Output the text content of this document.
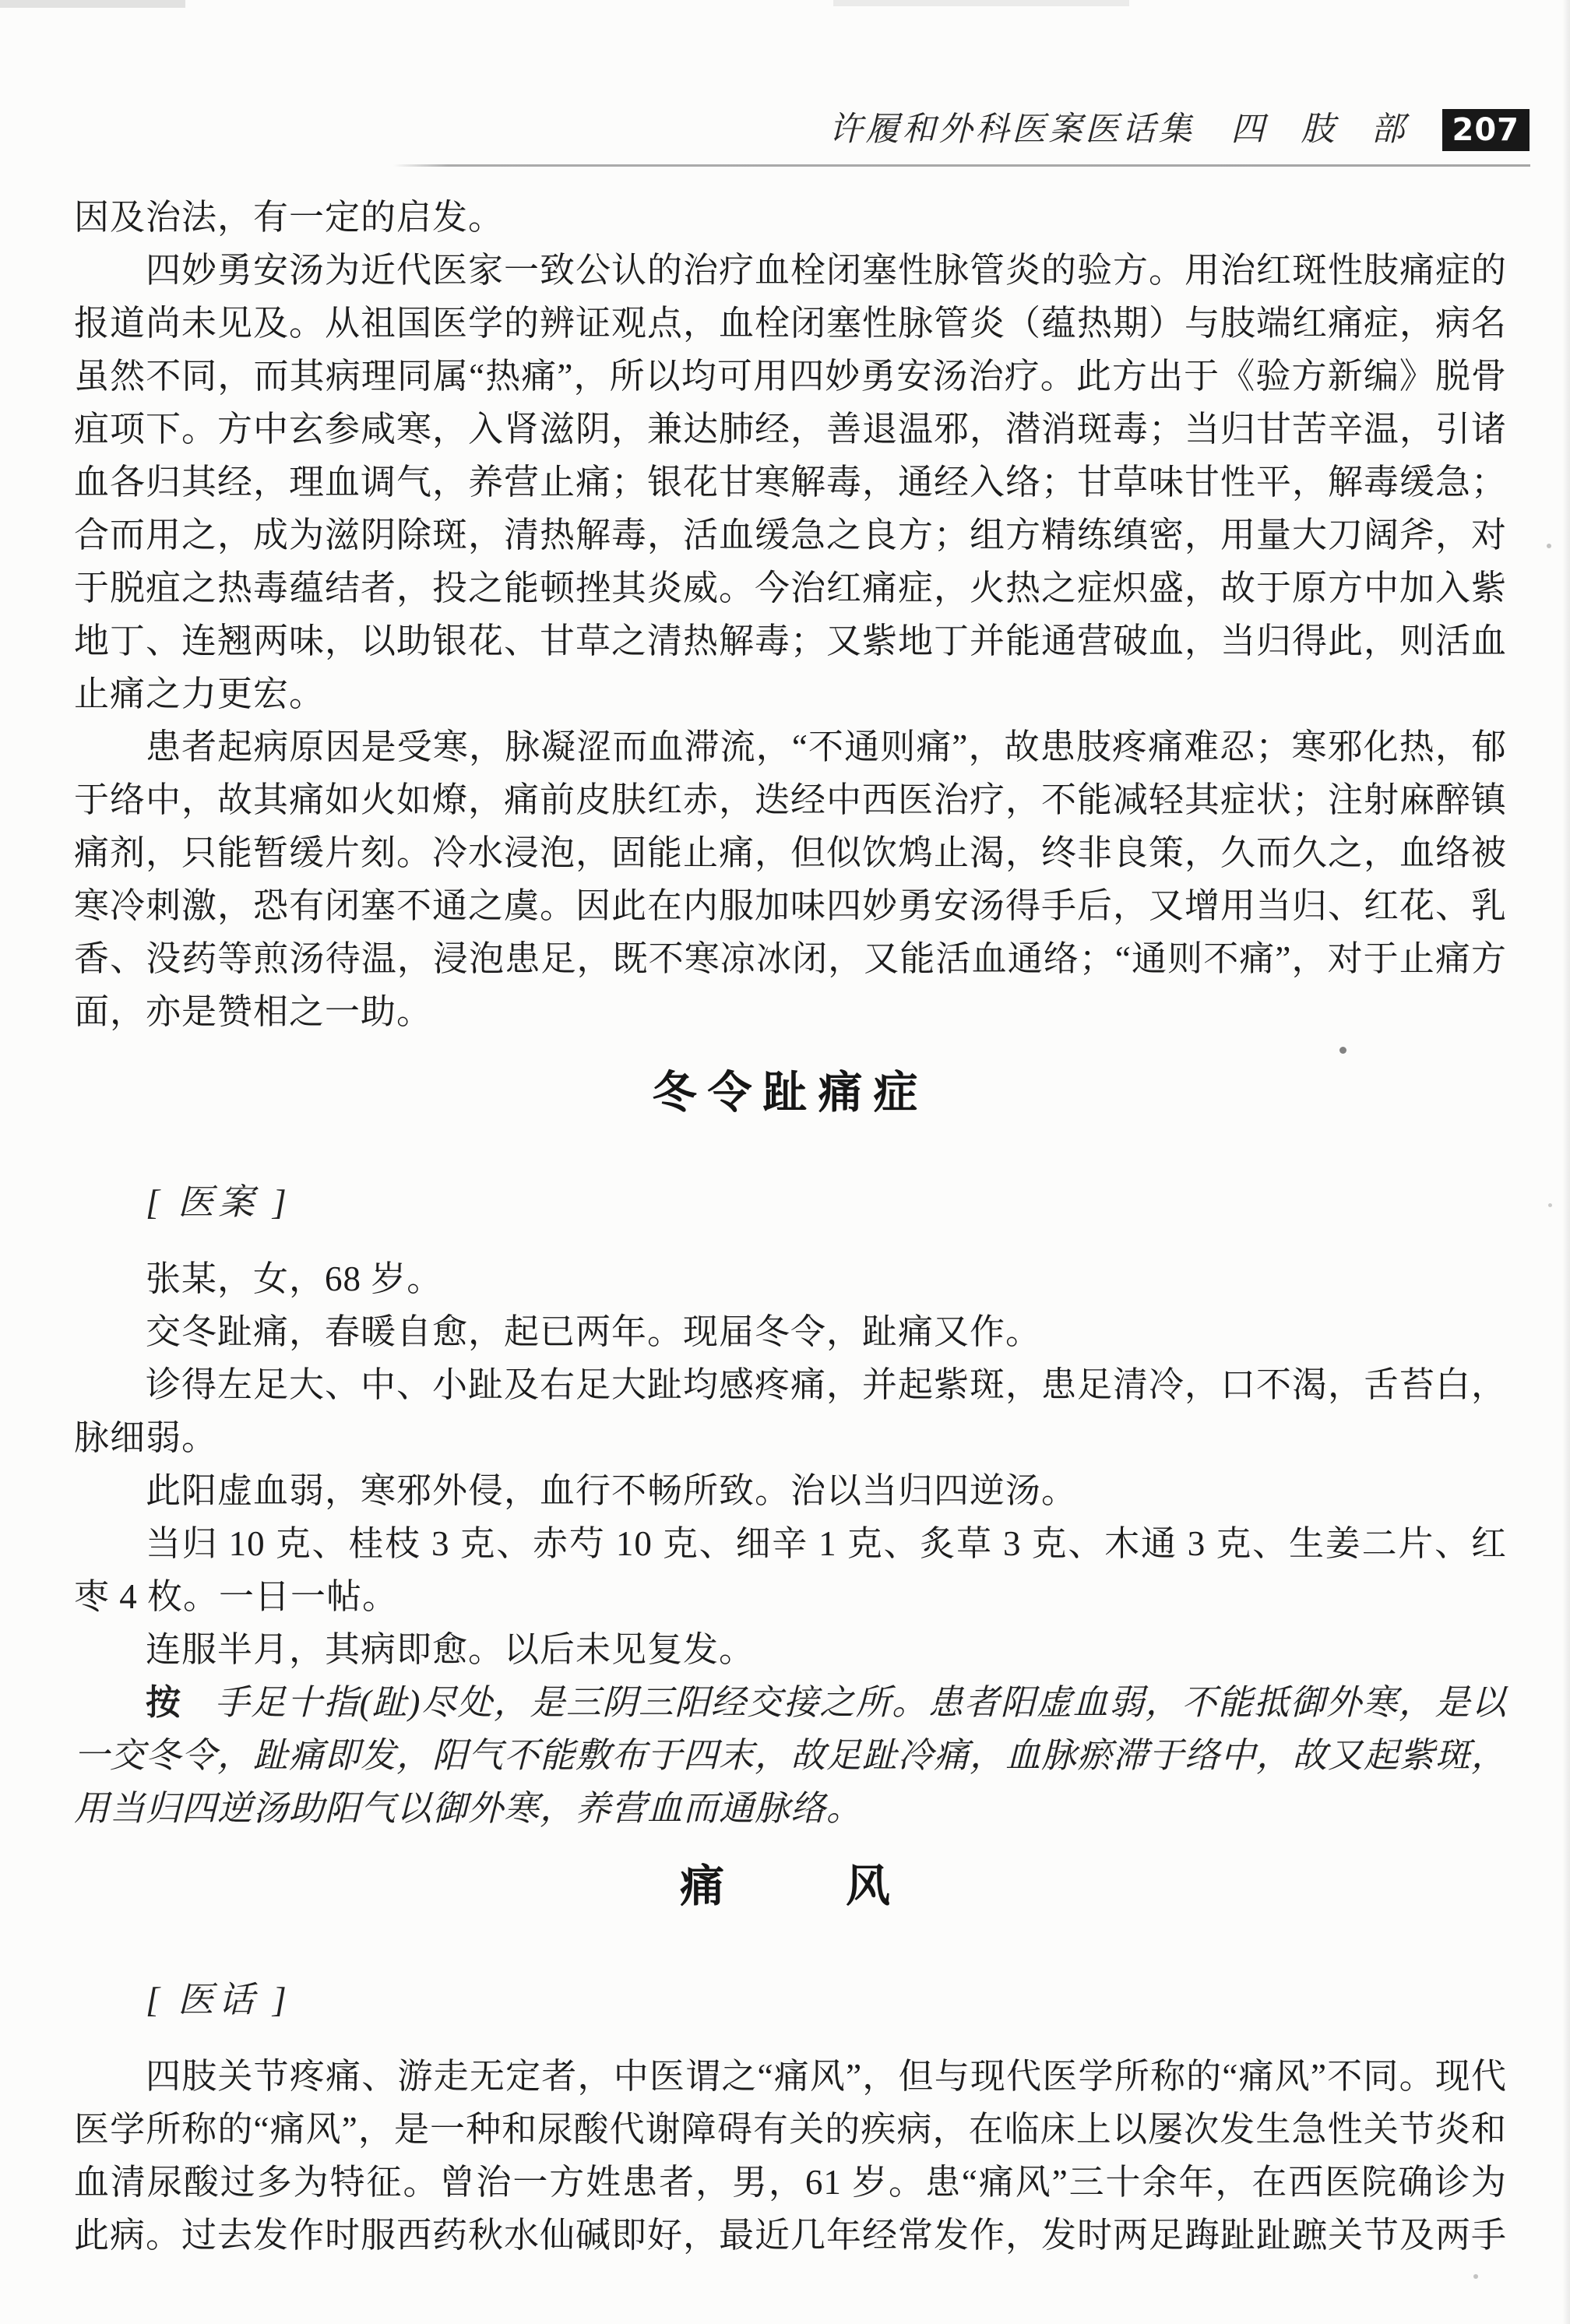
许履和外科医案医话集 四　肢　部	207

因及治法，有一定的启发。

四妙勇安汤为近代医家一致公认的治疗血栓闭塞性脉管炎的验方。用治红斑性肢痛症的报道尚未见及。从祖国医学的辨证观点，血栓闭塞性脉管炎（蕴热期）与肢端红痛症，病名虽然不同，而其病理同属“热痛”，所以均可用四妙勇安汤治疗。此方出于《验方新编》脱骨疽项下。方中玄参咸寒，入肾滋阴，兼达肺经，善退温邪，潜消斑毒；当归甘苦辛温，引诸血各归其经，理血调气，养营止痛；银花甘寒解毒，通经入络；甘草味甘性平，解毒缓急；合而用之，成为滋阴除斑，清热解毒，活血缓急之良方；组方精练缜密，用量大刀阔斧，对于脱疽之热毒蕴结者，投之能顿挫其炎威。今治红痛症，火热之症炽盛，故于原方中加入紫地丁、连翘两味，以助银花、甘草之清热解毒；又紫地丁并能通营破血，当归得此，则活血止痛之力更宏。

患者起病原因是受寒，脉凝涩而血滞流，“不通则痛”，故患肢疼痛难忍；寒邪化热，郁于络中，故其痛如火如燎，痛前皮肤红赤，迭经中西医治疗，不能减轻其症状；注射麻醉镇痛剂，只能暂缓片刻。冷水浸泡，固能止痛，但似饮鸩止渴，终非良策，久而久之，血络被寒冷刺激，恐有闭塞不通之虞。因此在内服加味四妙勇安汤得手后，又增用当归、红花、乳香、没药等煎汤待温，浸泡患足，既不寒凉冰闭，又能活血通络；“通则不痛”，对于止痛方面，亦是赞相之一助。

冬令趾痛症
[ 医案 ]

张某，女，68 岁。

交冬趾痛，春暖自愈，起已两年。现届冬令，趾痛又作。

诊得左足大、中、小趾及右足大趾均感疼痛，并起紫斑，患足清冷，口不渴，舌苔白，脉细弱。

此阳虚血弱，寒邪外侵，血行不畅所致。治以当归四逆汤。

当归 10 克、桂枝 3 克、赤芍 10 克、细辛 1 克、炙草 3 克、木通 3 克、生姜二片、红枣 4 枚。一日一帖。

连服半月，其病即愈。以后未见复发。

按 手足十指(趾)尽处，是三阴三阳经交接之所。患者阳虚血弱，不能抵御外寒，是以一交冬令，趾痛即发，阳气不能敷布于四末，故足趾冷痛，血脉瘀滞于络中，故又起紫斑，用当归四逆汤助阳气以御外寒，养营血而通脉络。

痛　　风
[ 医话 ]

四肢关节疼痛、游走无定者，中医谓之“痛风”，但与现代医学所称的“痛风”不同。现代医学所称的“痛风”，是一种和尿酸代谢障碍有关的疾病，在临床上以屡次发生急性关节炎和血清尿酸过多为特征。曾治一方姓患者，男，61 岁。患“痛风”三十余年，在西医院确诊为此病。过去发作时服西药秋水仙碱即好，最近几年经常发作，发时两足踇趾趾蹠关节及两手
